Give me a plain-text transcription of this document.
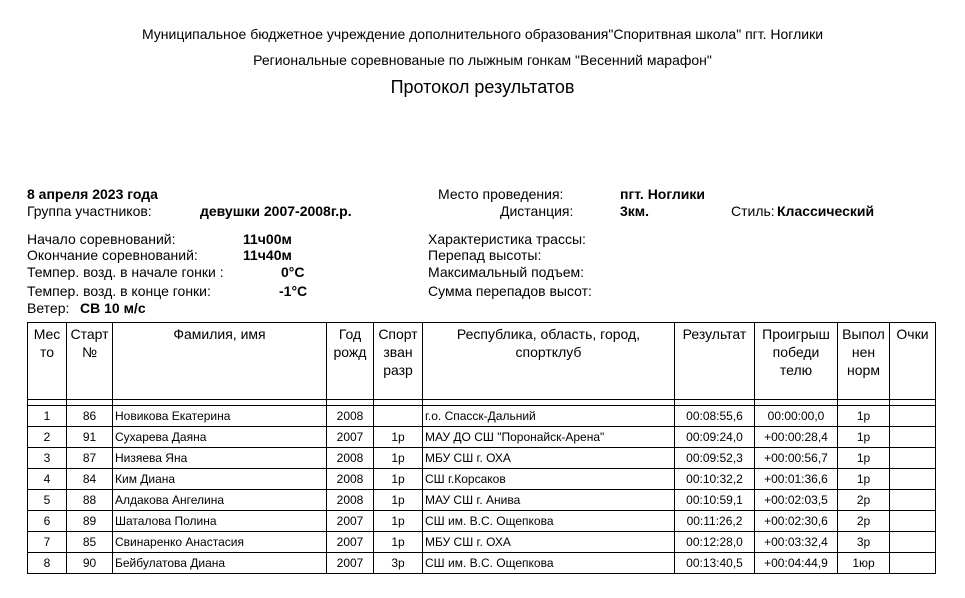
Муниципальное бюджетное учреждение дополнительного образования"Споритвная школа" пгт. Ноглики
Региональные соревнованые по лыжным гонкам "Весенний марафон"
Протокол результатов
8 апреля 2023 года
Группа участников:	девушки 2007-2008г.р.
Место проведения:	пгт. Ноглики
Дистанция:	3км.	Стиль: Классический
Начало соревнований:	11ч00м
Окончание соревнований:	11ч40м
Темпер. возд. в начале гонки :	0°С
Темпер. возд. в конце гонки:	-1°С
Ветер: СВ 10 м/с
Характеристика трассы:
Перепад высоты:
Максимальный подъем:
Сумма перепадов высот:
Мес то	Старт №	Фамилия, имя	Год рожд	Спорт зван разр	Республика, область, город, спортклуб	Результат	Проигрыш победи телю	Выпол нен норм	Очки

1	86	Новикова Екатерина	2008		г.о. Спасск-Дальний	00:08:55,6	00:00:00,0	1р	
2	91	Сухарева Даяна	2007	1р	МАУ ДО СШ "Поронайск-Арена"	00:09:24,0	+00:00:28,4	1р	
3	87	Низяева Яна	2008	1р	МБУ СШ г. ОХА	00:09:52,3	+00:00:56,7	1р	
4	84	Ким Диана	2008	1р	СШ г.Корсаков	00:10:32,2	+00:01:36,6	1р	
5	88	Алдакова Ангелина	2008	1р	МАУ СШ г. Анива	00:10:59,1	+00:02:03,5	2р	
6	89	Шаталова Полина	2007	1р	СШ им. В.С. Ощепкова	00:11:26,2	+00:02:30,6	2р	
7	85	Свинаренко Анастасия	2007	1р	МБУ СШ г. ОХА	00:12:28,0	+00:03:32,4	3р	
8	90	Бейбулатова Диана	2007	3р	СШ им. В.С. Ощепкова	00:13:40,5	+00:04:44,9	1юр	
